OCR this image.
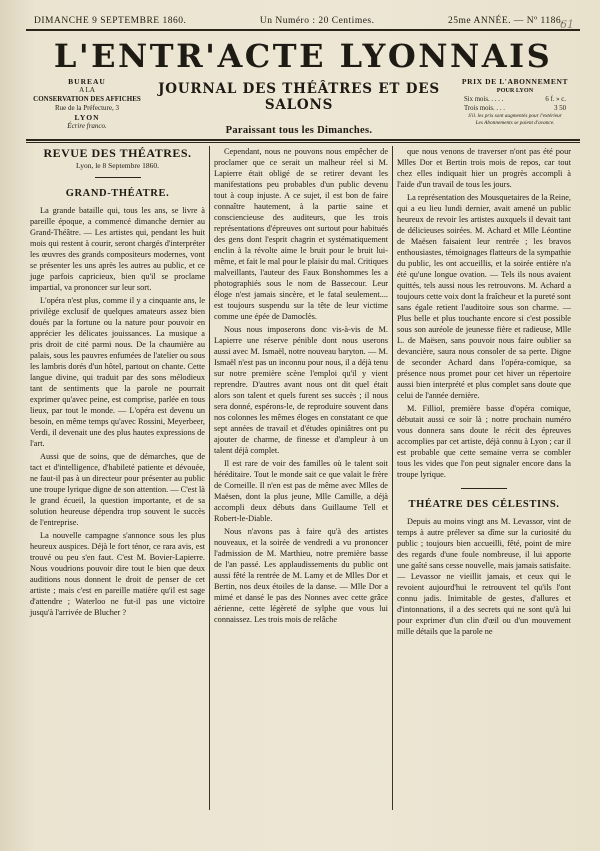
61
DIMANCHE 9 SEPTEMBRE 1860.	Un Numéro : 20 Centimes.	25me ANNÉE. — Nº 1186.
L'ENTR'ACTE LYONNAIS
BUREAU
A LA
CONSERVATION DES AFFICHES
Rue de la Préfecture, 3
LYON
Écrire franco.
JOURNAL DES THÉÂTRES ET DES SALONS
Paraissant tous les Dimanches.
PRIX DE L'ABONNEMENT
POUR LYON
Six mois. . . . .	6 f. » c.
Trois mois. . . .	3 50
S'il. les prix sont augmentés pour l'extérieur
Les Abonnements se paient d'avance.
REVUE DES THÉATRES.
Lyon, le 8 Septembre 1860.
GRAND-THÉATRE.

La grande bataille qui, tous les ans, se livre à pareille époque, a commencé dimanche dernier au Grand-Théâtre. — Les artistes qui, pendant les huit mois qui restent à courir, seront chargés d'interpréter les œuvres des grands compositeurs modernes, vont se présenter les uns après les autres au public, et ce juge parfois capricieux, bien qu'il se proclame impartial, va prononcer sur leur sort.

L'opéra n'est plus, comme il y a cinquante ans, le privilège exclusif de quelques amateurs assez bien doués par la fortune ou la nature pour pouvoir en apprécier les délicates jouissances. La musique a pris droit de cité parmi nous. De la chaumière au palais, sous les pauvres enfumées de l'atelier ou sous les lambris dorés d'un hôtel, partout on chante. Cette langue divine, qui traduit par des sons mélodieux tant de sentiments que la parole ne pourrait exprimer qu'avec peine, est comprise, parlée en tous lieux, par tout le monde. — L'opéra est devenu un besoin, en même temps qu'avec Rossini, Meyerbeer, Verdi, il devenait une des plus hautes expressions de l'art.

Aussi que de soins, que de démarches, que de tact et d'intelligence, d'habileté patiente et dévouée, ne faut-il pas à un directeur pour présenter au public une troupe lyrique digne de son attention. — C'est là le grand écueil, la question importante, et de sa solution heureuse dépendra trop souvent le succès de l'entreprise.

La nouvelle campagne s'annonce sous les plus heureux auspices. Déjà le fort ténor, ce rara avis, est trouvé ou peu s'en faut. C'est M. Bovier-Lapierre. Nous voudrions pouvoir dire tout le bien que deux auditions nous donnent le droit de penser de cet artiste ; mais c'est en pareille matière qu'il est sage d'attendre ; Waterloo ne fut-il pas une victoire jusqu'à l'arrivée de Blucher ?

Cependant, nous ne pouvons nous empêcher de proclamer que ce serait un malheur réel si M. Lapierre était obligé de se retirer devant les manifestations peu probables d'un public devenu tout à coup injuste. A ce sujet, il est bon de faire connaître hautement, à la partie saine et consciencieuse des auditeurs, que les trois représentations d'épreuves ont surtout pour habitués des gens dont l'esprit chagrin et systématiquement enclin à la révolte aime le bruit pour le bruit lui-même, et fait le mal pour le plaisir du mal. Critiques malveillants, l'auteur des Faux Bonshommes les a photographiés sous le nom de Bassecour. Leur éloge n'est jamais sincère, et le fatal seulement.... est toujours suspendu sur la tête de leur victime comme une épée de Damoclès.

Nous nous imposerons donc vis-à-vis de M. Lapierre une réserve pénible dont nous userons aussi avec M. Ismaël, notre nouveau baryton. — M. Ismaël n'est pas un inconnu pour nous, il a déjà tenu sur notre première scène l'emploi qu'il y vient reprendre. D'autres avant nous ont dit quel était alors son talent et quels furent ses succès ; il nous sera donné, espérons-le, de reproduire souvent dans nos colonnes les mêmes éloges en constatant ce que sept années de travail et d'études opiniâtres ont pu ajouter de charme, de finesse et d'ampleur à un talent déjà complet.

Il est rare de voir des familles où le talent soit héréditaire. Tout le monde sait ce que valait le frère de Corneille. Il n'en est pas de même avec Mlles de Maësen, dont la plus jeune, Mlle Camille, a déjà accompli deux débuts dans Guillaume Tell et Robert-le-Diable.

Nous n'avons pas à faire qu'à des artistes nouveaux, et la soirée de vendredi a vu prononcer l'admission de M. Marthieu, notre première basse de l'an passé. Les applaudissements du public ont aussi fêté la rentrée de M. Lamy et de Mlles Dor et Bertin, nos deux étoiles de la danse. — Mlle Dor a mimé et dansé le pas des Nonnes avec cette grâce aérienne, cette légèreté de sylphe que vous lui connaissez. Les trois mois de relâche

que nous venons de traverser n'ont pas été pour Mlles Dor et Bertin trois mois de repos, car tout chez elles indiquait hier un progrès accompli à l'aide d'un travail de tous les jours.

La représentation des Mousquetaires de la Reine, qui a eu lieu lundi dernier, avait amené un public heureux de revoir les artistes auxquels il devait tant de délicieuses soirées. M. Achard et Mlle Léontine de Maësen faisaient leur rentrée ; les bravos enthousiastes, témoignages flatteurs de la sympathie du public, les ont accueillis, et la soirée entière n'a été qu'une longue ovation. — Tels ils nous avaient quittés, tels aussi nous les retrouvons. M. Achard a toujours cette voix dont la fraîcheur et la pureté sont sans égale retient l'auditoire sous son charme. — Plus belle et plus touchante encore si c'est possible sous son auréole de jeunesse fière et radieuse, Mlle L. de Maësen, sans pouvoir nous faire oublier sa devancière, saura nous consoler de sa perte. Digne de seconder Achard dans l'opéra-comique, sa présence nous promet pour cet hiver un répertoire aussi bien interprété et plus complet sans doute que celui de l'année dernière.

M. Filliol, première basse d'opéra comique, débutait aussi ce soir là ; notre prochain numéro vous donnera sans doute le récit des épreuves accomplies par cet artiste, déjà connu à Lyon ; car il est probable que cette semaine verra se combler tous les vides que l'on peut signaler encore dans la troupe lyrique.

THÉATRE DES CÉLESTINS.

Depuis au moins vingt ans M. Levassor, vint de temps à autre prélever sa dîme sur la curiosité du public ; toujours bien accueilli, fêté, point de mire des regards d'une foule nombreuse, il lui apporte une gaîté sans cesse nouvelle, mais jamais satisfaite. — Levassor ne vieillit jamais, et ceux qui le revoient aujourd'hui le retrouvent tel qu'ils l'ont connu jadis. Inimitable de gestes, d'allures et d'intonnations, il a des secrets qui ne sont qu'à lui pour exprimer d'un clin d'œil ou d'un mouvement mille détails que la parole ne
